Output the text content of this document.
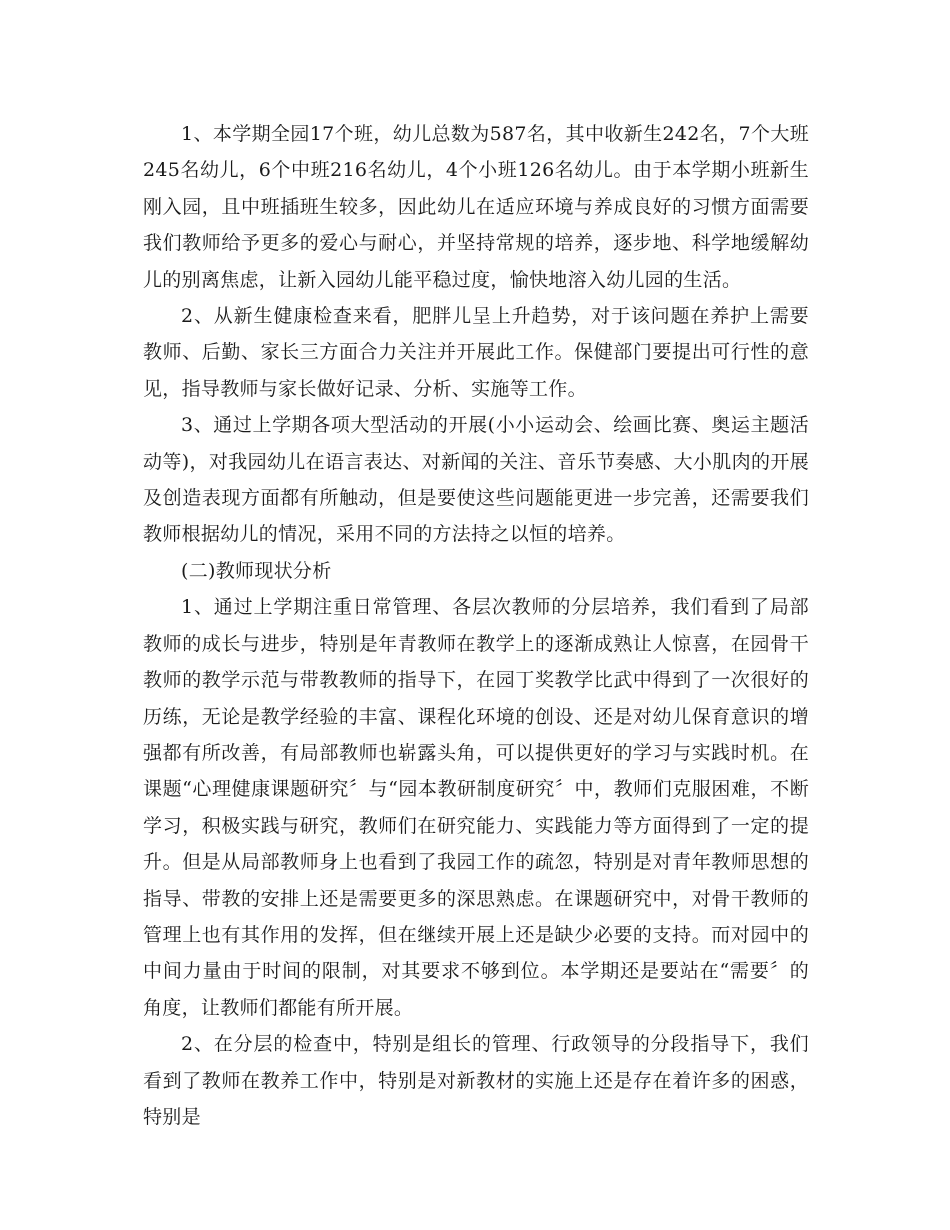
1、本学期全园17个班，幼儿总数为587名，其中收新生242名，7个大班245名幼儿，6个中班216名幼儿，4个小班126名幼儿。由于本学期小班新生刚入园，且中班插班生较多，因此幼儿在适应环境与养成良好的习惯方面需要我们教师给予更多的爱心与耐心，并坚持常规的培养，逐步地、科学地缓解幼儿的别离焦虑，让新入园幼儿能平稳过度，愉快地溶入幼儿园的生活。

2、从新生健康检查来看，肥胖儿呈上升趋势，对于该问题在养护上需要教师、后勤、家长三方面合力关注并开展此工作。保健部门要提出可行性的意见，指导教师与家长做好记录、分析、实施等工作。

3、通过上学期各项大型活动的开展(小小运动会、绘画比赛、奥运主题活动等)，对我园幼儿在语言表达、对新闻的关注、音乐节奏感、大小肌肉的开展及创造表现方面都有所触动，但是要使这些问题能更进一步完善，还需要我们教师根据幼儿的情况，采用不同的方法持之以恒的培养。

(二)教师现状分析

1、通过上学期注重日常管理、各层次教师的分层培养，我们看到了局部教师的成长与进步，特别是年青教师在教学上的逐渐成熟让人惊喜，在园骨干教师的教学示范与带教教师的指导下，在园丁奖教学比武中得到了一次很好的历练，无论是教学经验的丰富、课程化环境的创设、还是对幼儿保育意识的增强都有所改善，有局部教师也崭露头角，可以提供更好的学习与实践时机。在课题“心理健康课题研究〞与“园本教研制度研究〞中，教师们克服困难，不断学习，积极实践与研究，教师们在研究能力、实践能力等方面得到了一定的提升。但是从局部教师身上也看到了我园工作的疏忽，特别是对青年教师思想的指导、带教的安排上还是需要更多的深思熟虑。在课题研究中，对骨干教师的管理上也有其作用的发挥，但在继续开展上还是缺少必要的支持。而对园中的中间力量由于时间的限制，对其要求不够到位。本学期还是要站在“需要〞的角度，让教师们都能有所开展。

2、在分层的检查中，特别是组长的管理、行政领导的分段指导下，我们看到了教师在教养工作中，特别是对新教材的实施上还是存在着许多的困惑，特别是
